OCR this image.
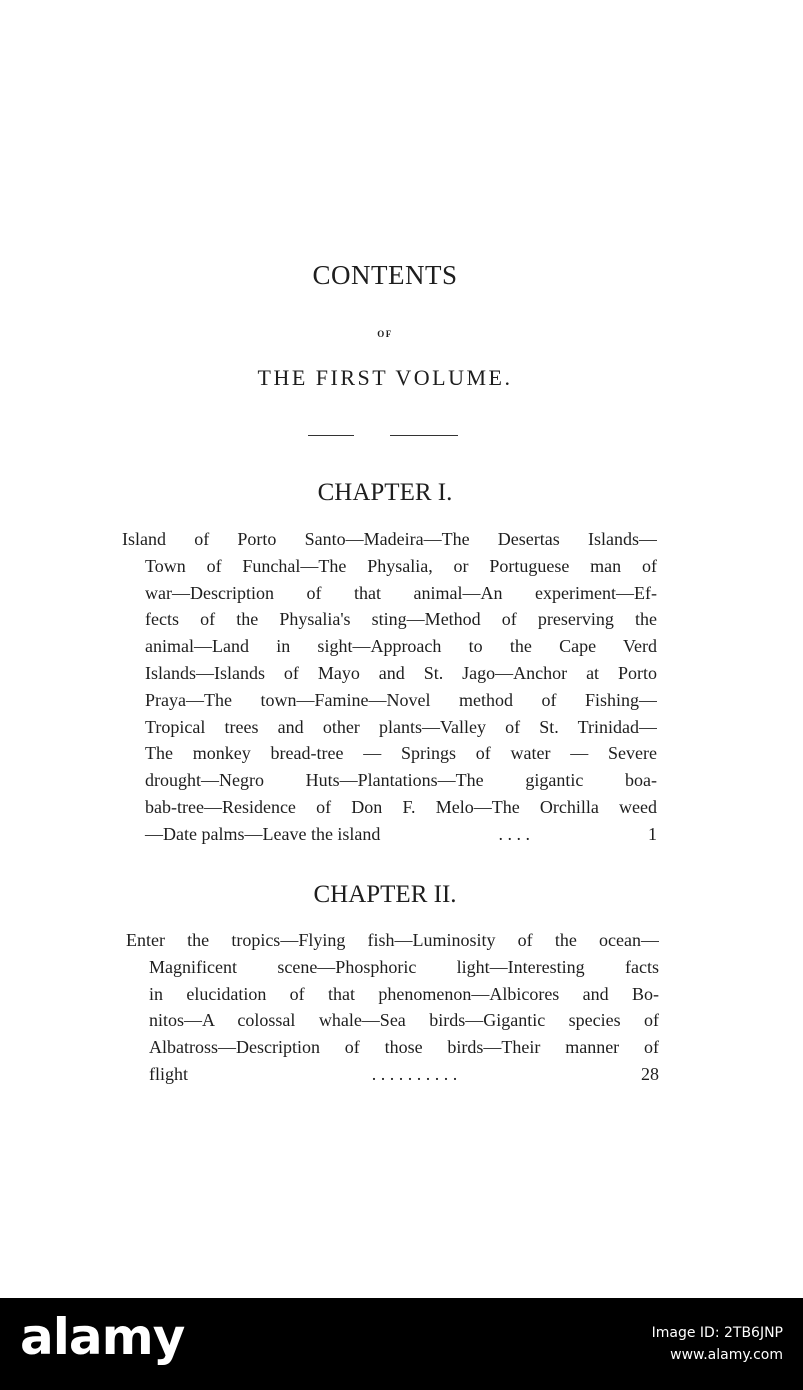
CONTENTS
OF
THE FIRST VOLUME.
CHAPTER I.
Island of Porto Santo—Madeira—The Desertas Islands—
Town of Funchal—The Physalia, or Portuguese man of
war—Description of that animal—An experiment—Ef-
fects of the Physalia's sting—Method of preserving the
animal—Land in sight—Approach to the Cape Verd
Islands—Islands of Mayo and St. Jago—Anchor at Porto
Praya—The town—Famine—Novel method of Fishing—
Tropical trees and other plants—Valley of St. Trinidad—
The monkey bread-tree — Springs of water — Severe
drought—Negro Huts—Plantations—The gigantic boa-
bab-tree—Residence of Don F. Melo—The Orchilla weed
—Date palms—Leave the island	. . . .	1
CHAPTER II.
Enter the tropics—Flying fish—Luminosity of the ocean—
Magnificent scene—Phosphoric light—Interesting facts
in elucidation of that phenomenon—Albicores and Bo-
nitos—A colossal whale—Sea birds—Gigantic species of
Albatross—Description of those birds—Their manner of
flight	. . . . . . . . . .	28
alamy	Image ID: 2TB6JNP
www.alamy.com
